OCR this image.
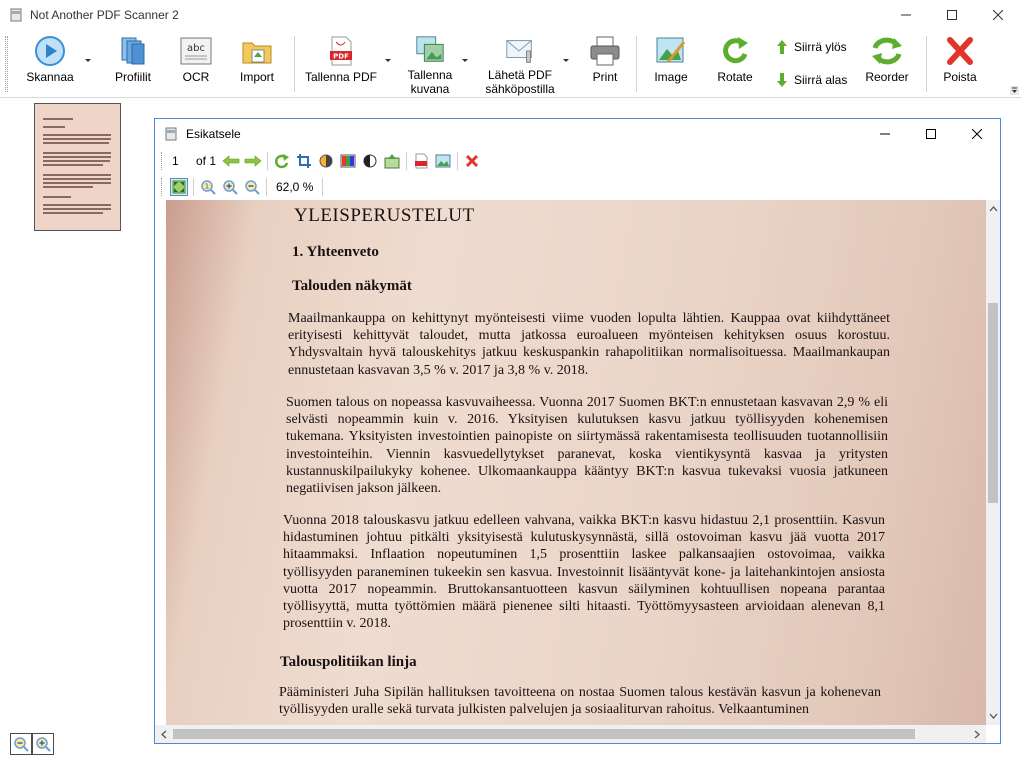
Not Another PDF Scanner 2
Skannaa	Profiilit
abc
OCR	Import
PDF
Tallenna PDF	Tallenna
kuvana
Lähetä PDF
sähköpostilla
Print	Image Rotate
Siirrä ylös
Siirrä alas Reorder	Poista
Esikatsele
1	of 1
1	62,0 %
YLEISPERUSTELUT
1. Yhteenveto
Talouden näkymät
Maailmankauppa on kehittynyt myönteisesti viime vuoden lopulta lähtien. Kauppaa ovat kiihdyttäneet erityisesti kehittyvät taloudet, mutta jatkossa euroalueen myönteisen kehityksen osuus korostuu. Yhdysvaltain hyvä talouskehitys jatkuu keskuspankin rahapolitiikan normalisoituessa. Maailmankaupan ennustetaan kasvavan 3,5 % v. 2017 ja 3,8 % v. 2018.
Suomen talous on nopeassa kasvuvaiheessa. Vuonna 2017 Suomen BKT:n ennustetaan kasvavan 2,9 % eli selvästi nopeammin kuin v. 2016. Yksityisen kulutuksen kasvu jatkuu työllisyyden kohenemisen tukemana. Yksityisten investointien painopiste on siirtymässä rakentamisesta teollisuuden tuotannollisiin investointeihin. Viennin kasvuedellytykset paranevat, koska vientikysyntä kasvaa ja yritysten kustannuskilpailukyky kohenee. Ulkomaankauppa kääntyy BKT:n kasvua tukevaksi vuosia jatkuneen negatiivisen jakson jälkeen.
Vuonna 2018 talouskasvu jatkuu edelleen vahvana, vaikka BKT:n kasvu hidastuu 2,1 prosenttiin. Kasvun hidastuminen johtuu pitkälti yksityisestä kulutuskysynnästä, sillä ostovoiman kasvu jää vuotta 2017 hitaammaksi. Inflaation nopeutuminen 1,5 prosenttiin laskee palkansaajien ostovoimaa, vaikka työllisyyden paraneminen tukeekin sen kasvua. Investoinnit lisääntyvät kone- ja laitehankintojen ansiosta vuotta 2017 nopeammin. Bruttokansantuotteen kasvun säilyminen kohtuullisen nopeana parantaa työllisyyttä, mutta työttömien määrä pienenee silti hitaasti. Työttömyysasteen arvioidaan alenevan 8,1 prosenttiin v. 2018.
Talouspolitiikan linja
Pääministeri Juha Sipilän hallituksen tavoitteena on nostaa Suomen talous kestävän kasvun ja kohenevan työllisyyden uralle sekä turvata julkisten palvelujen ja sosiaaliturvan rahoitus. Velkaantuminen
